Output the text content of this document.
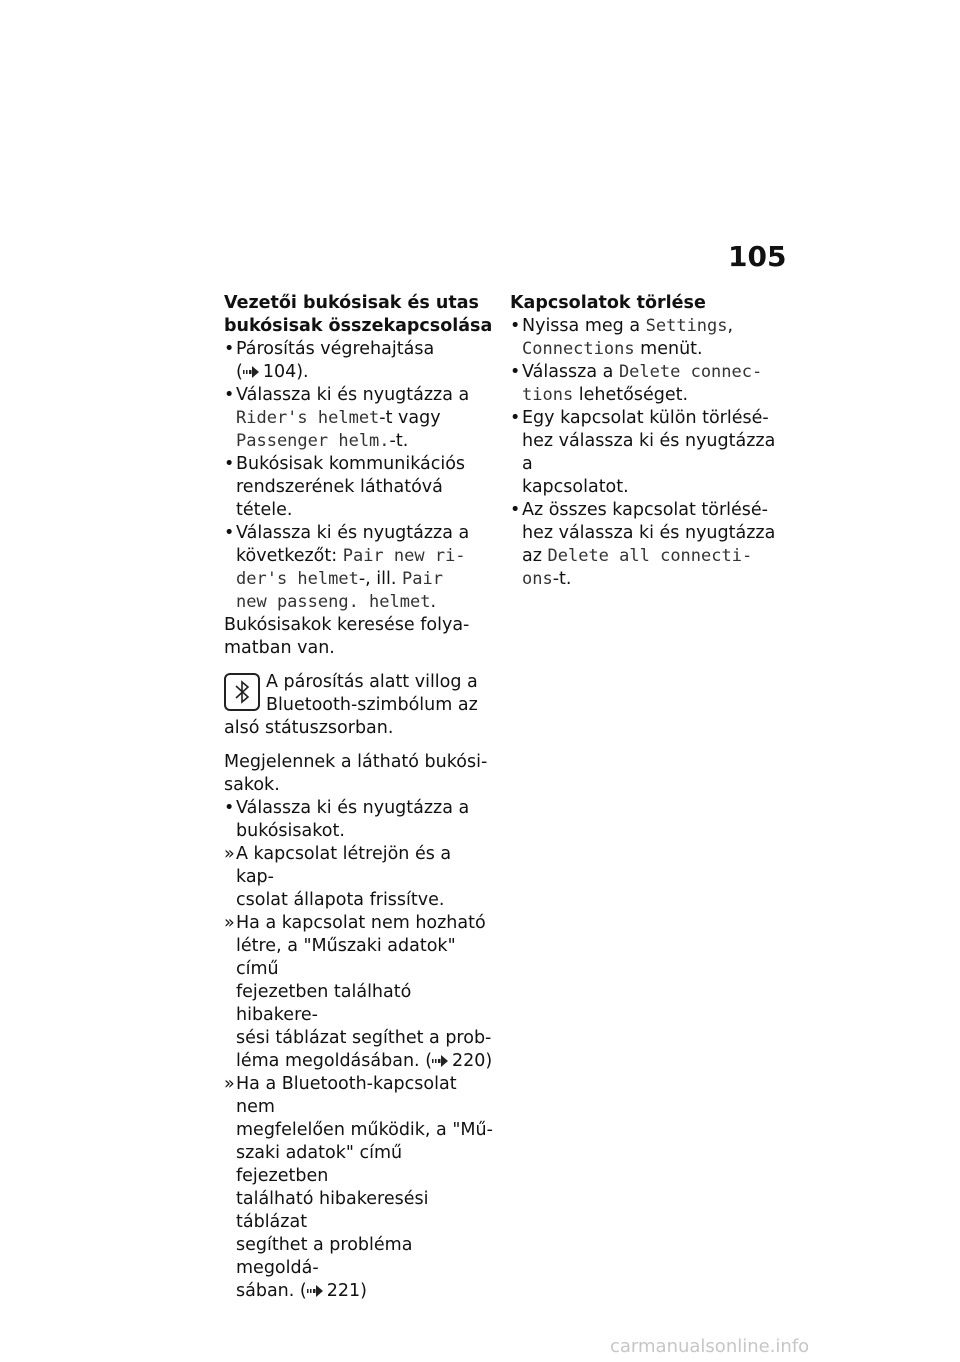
105

Vezetői bukósisak és utas
bukósisak összekapcsolása

• Párosítás végrehajtása
( 104).
• Válassza ki és nyugtázza a
Rider's helmet-t vagy
Passenger helm.-t.
• Bukósisak kommunikációs
rendszerének láthatóvá tétele.
• Válassza ki és nyugtázza a
következőt: Pair new ri-
der's helmet-, ill. Pair
new passeng. helmet.

Bukósisakok keresése folya-
matban van.

A párosítás alatt villog a
Bluetooth-szimbólum az
alsó státuszsorban.

Megjelennek a látható bukósi-
sakok.

• Válassza ki és nyugtázza a
bukósisakot.
» A kapcsolat létrejön és a kap-
csolat állapota frissítve.
» Ha a kapcsolat nem hozható
létre, a "Műszaki adatok" című
fejezetben található hibakere-
sési táblázat segíthet a prob-
léma megoldásában. ( 220)
» Ha a Bluetooth-kapcsolat nem
megfelelően működik, a "Mű-
szaki adatok" című fejezetben
található hibakeresési táblázat
segíthet a probléma megoldá-
sában. ( 221)

Kapcsolatok törlése

• Nyissa meg a Settings,
Connections menüt.
• Válassza a Delete connec-
tions lehetőséget.
• Egy kapcsolat külön törlésé-
hez válassza ki és nyugtázza a
kapcsolatot.
• Az összes kapcsolat törlésé-
hez válassza ki és nyugtázza
az Delete all connecti-
ons-t.
carmanualsonline.info
